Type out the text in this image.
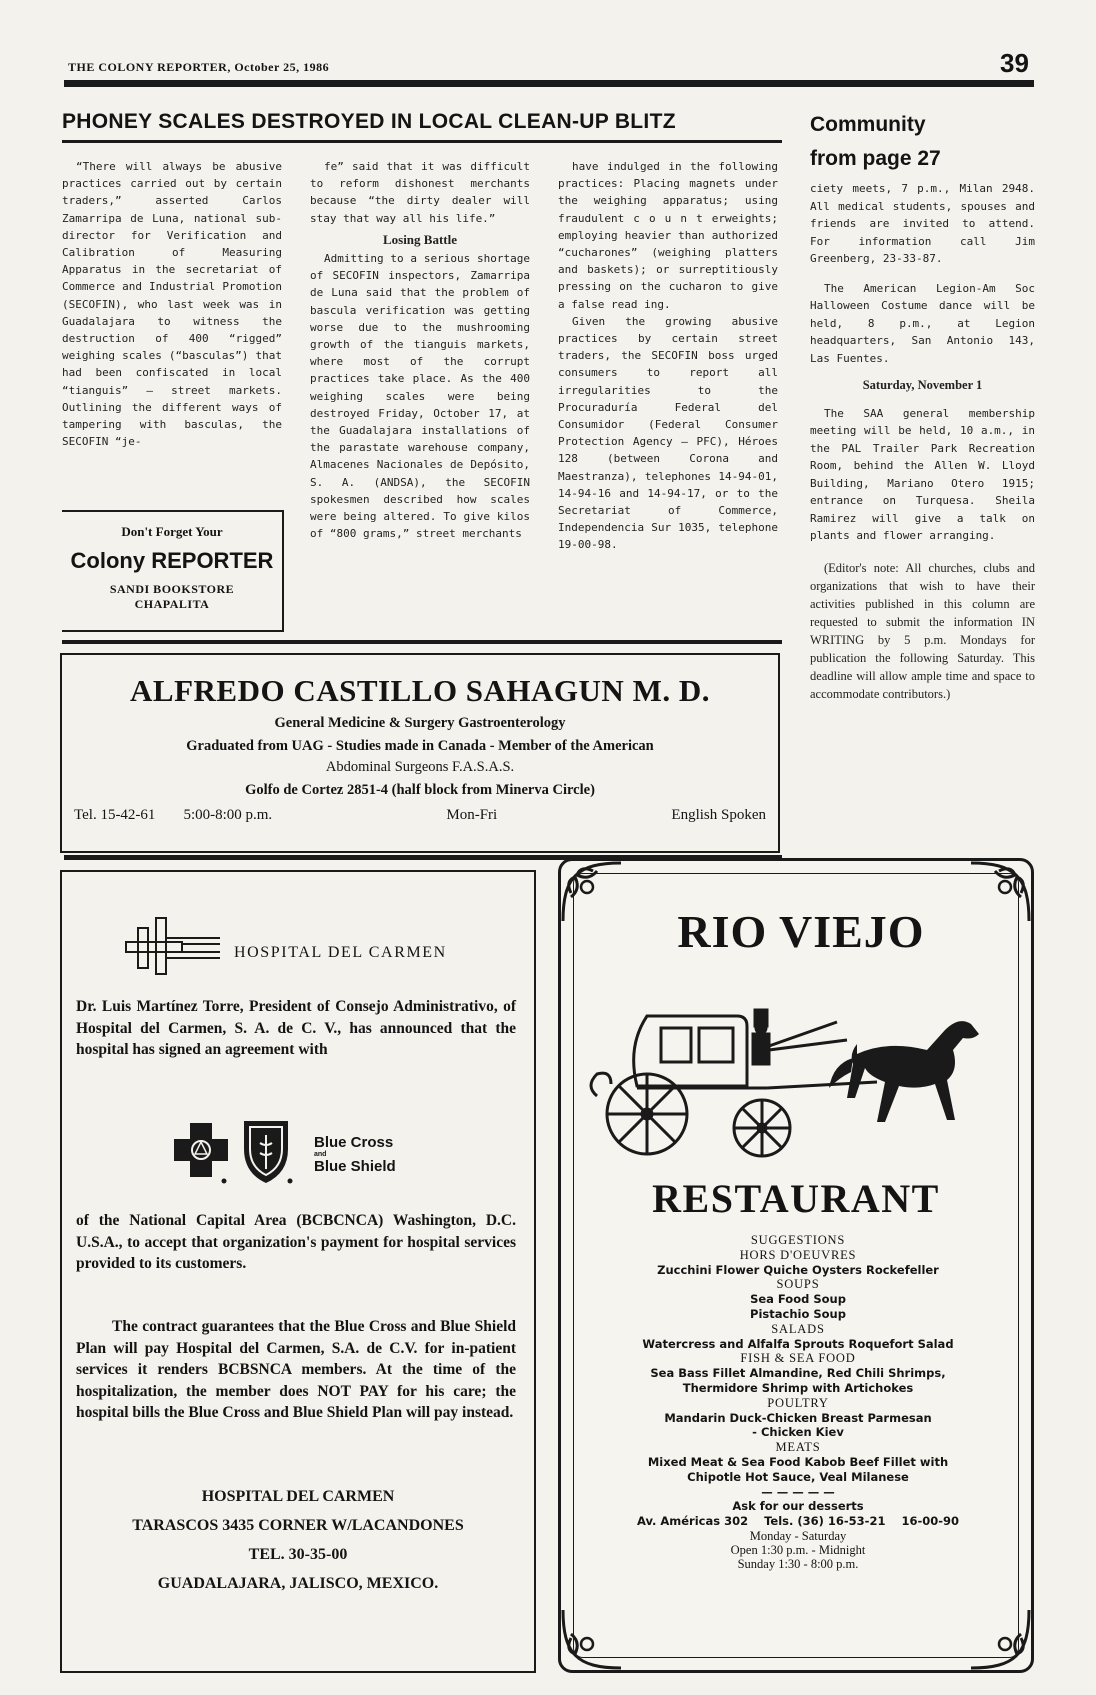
THE COLONY REPORTER, October 25, 1986	39
PHONEY SCALES DESTROYED IN LOCAL CLEAN-UP BLITZ

“There will always be abusive practices carried out by certain traders,” asserted Carlos Zamarripa de Luna, national sub-director for Verification and Calibration of Measuring Apparatus in the secretariat of Commerce and Industrial Promotion (SECOFIN), who last week was in Guadalajara to witness the destruction of 400 “rigged” weighing scales (“basculas”) that had been confiscated in local “tianguis” — street markets. Outlining the different ways of tampering with basculas, the SECOFIN “je-

fe” said that it was difficult to reform dishonest merchants because “the dirty dealer will stay that way all his life.”

Losing Battle

Admitting to a serious shortage of SECOFIN inspectors, Zamarripa de Luna said that the problem of bascula verification was getting worse due to the mushrooming growth of the tianguis markets, where most of the corrupt practices take place. As the 400 weighing scales were being destroyed Friday, October 17, at the Guadalajara installations of the parastate warehouse company, Almacenes Nacionales de Depósito, S. A. (ANDSA), the SECOFIN spokesmen described how scales were being altered. To give kilos of “800 grams,” street merchants

have indulged in the following practices: Placing magnets under the weighing apparatus; using fraudulent c o u n t erweights; employing heavier than authorized “cucharones” (weighing platters and baskets); or surreptitiously pressing on the cucharon to give a false read ing.

Given the growing abusive practices by certain street traders, the SECOFIN boss urged consumers to report all irregularities to the Procuraduría Federal del Consumidor (Federal Consumer Protection Agency — PFC), Héroes 128 (between Corona and Maestranza), telephones 14-94-01, 14-94-16 and 14-94-17, or to the Secretariat of Commerce, Independencia Sur 1035, telephone 19-00-98.

Don't Forget Your
Colony REPORTER
SANDI BOOKSTORE
CHAPALITA
Community
from page 27

ciety meets, 7 p.m., Milan 2948. All medical students, spouses and friends are invited to attend. For information call Jim Greenberg, 23-33-87.

The American Legion-Am Soc Halloween Costume dance will be held, 8 p.m., at Legion headquarters, San Antonio 143, Las Fuentes.

Saturday, November 1

The SAA general membership meeting will be held, 10 a.m., in the PAL Trailer Park Recreation Room, behind the Allen W. Lloyd Building, Mariano Otero 1915; entrance on Turquesa. Sheila Ramirez will give a talk on plants and flower arranging.

(Editor's note: All churches, clubs and organizations that wish to have their activities published in this column are requested to submit the information IN WRITING by 5 p.m. Mondays for publication the following Saturday. This deadline will allow ample time and space to accommodate contributors.)

ALFREDO CASTILLO SAHAGUN M. D.
General Medicine & Surgery Gastroenterology
Graduated from UAG - Studies made in Canada - Member of the American
Abdominal Surgeons F.A.S.A.S.
Golfo de Cortez 2851-4 (half block from Minerva Circle)
Tel. 15-42-61 5:00-8:00 p.m.	Mon-Fri	English Spoken
HOSPITAL DEL CARMEN
Dr. Luis Martínez Torre, President of Consejo Administrativo, of Hospital del Carmen, S. A. de C. V., has announced that the hospital has signed an agreement with
Blue Cross
and
Blue Shield
of the National Capital Area (BCBCNCA) Washington, D.C. U.S.A., to accept that organization's payment for hospital services provided to its customers.
The contract guarantees that the Blue Cross and Blue Shield Plan will pay Hospital del Carmen, S.A. de C.V. for in-patient services it renders BCBSNCA members. At the time of the hospitalization, the member does NOT PAY for his care; the hospital bills the Blue Cross and Blue Shield Plan will pay instead.
HOSPITAL DEL CARMEN
TARASCOS 3435 CORNER W/LACANDONES
TEL. 30-35-00
GUADALAJARA, JALISCO, MEXICO.
RIO VIEJO
RESTAURANT
SUGGESTIONS
HORS D'OEUVRES
Zucchini Flower Quiche Oysters Rockefeller
SOUPS
Sea Food Soup
Pistachio Soup
SALADS
Watercress and Alfalfa Sprouts Roquefort Salad
FISH & SEA FOOD
Sea Bass Fillet Almandine, Red Chili Shrimps,
Thermidore Shrimp with Artichokes
POULTRY
Mandarin Duck-Chicken Breast Parmesan
- Chicken Kiev
MEATS
Mixed Meat & Sea Food Kabob Beef Fillet with
Chipotle Hot Sauce, Veal Milanese
— — — — —
Ask for our desserts
Av. Américas 302 Tels. (36) 16-53-21 16-00-90
Monday - Saturday
Open 1:30 p.m. - Midnight
Sunday 1:30 - 8:00 p.m.
